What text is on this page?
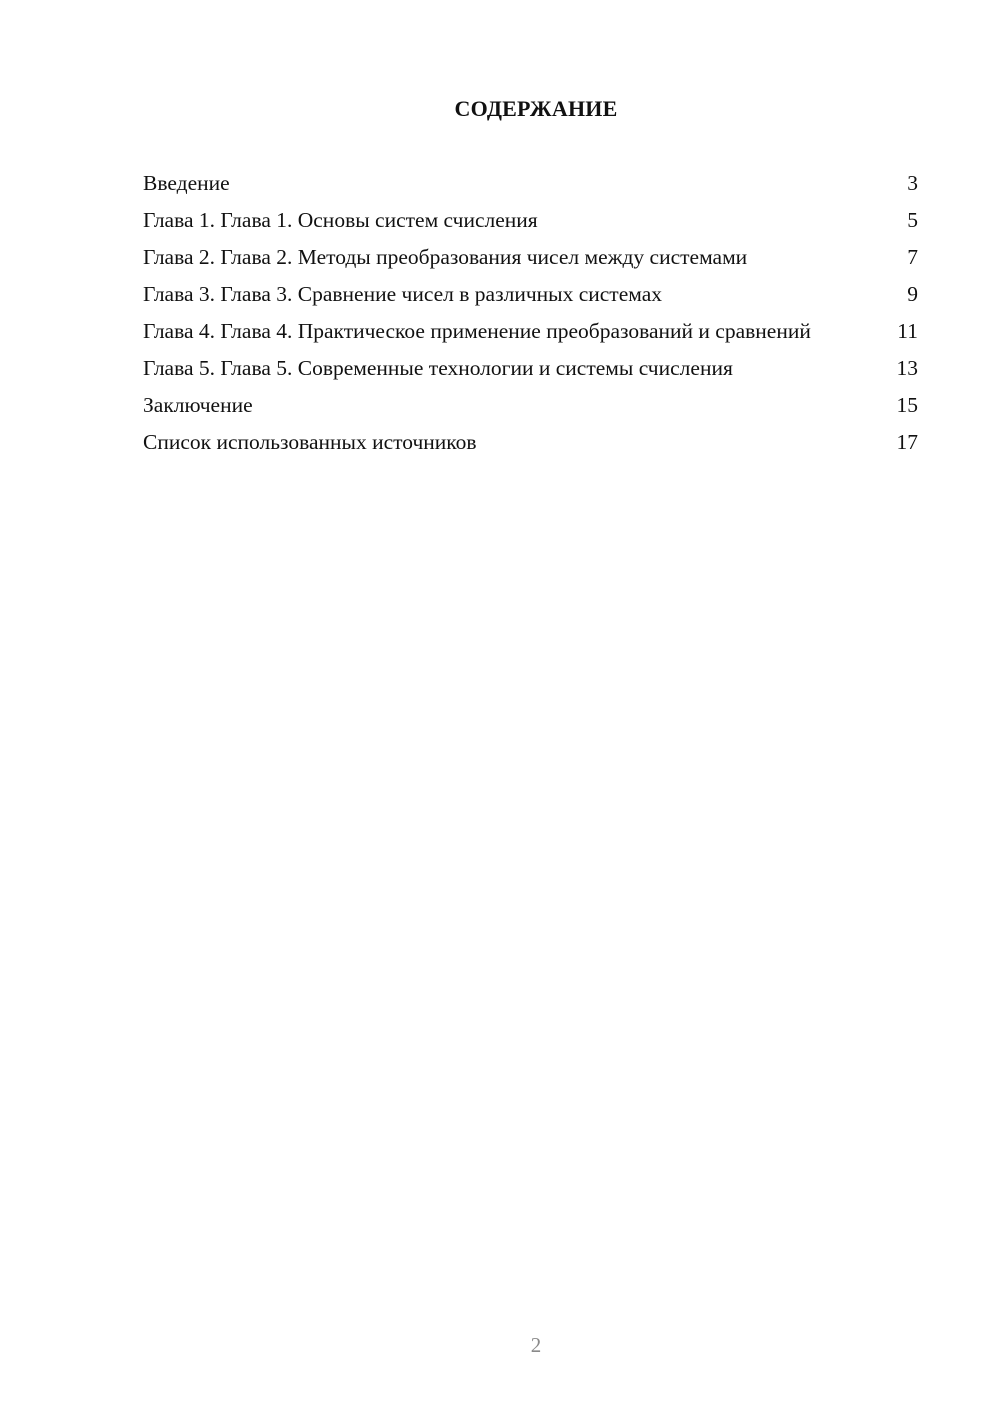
СОДЕРЖАНИЕ
Введение	3
Глава 1. Глава 1. Основы систем счисления	5
Глава 2. Глава 2. Методы преобразования чисел между системами	7
Глава 3. Глава 3. Сравнение чисел в различных системах	9
Глава 4. Глава 4. Практическое применение преобразований и сравнений	11
Глава 5. Глава 5. Современные технологии и системы счисления	13
Заключение	15
Список использованных источников	17
2
